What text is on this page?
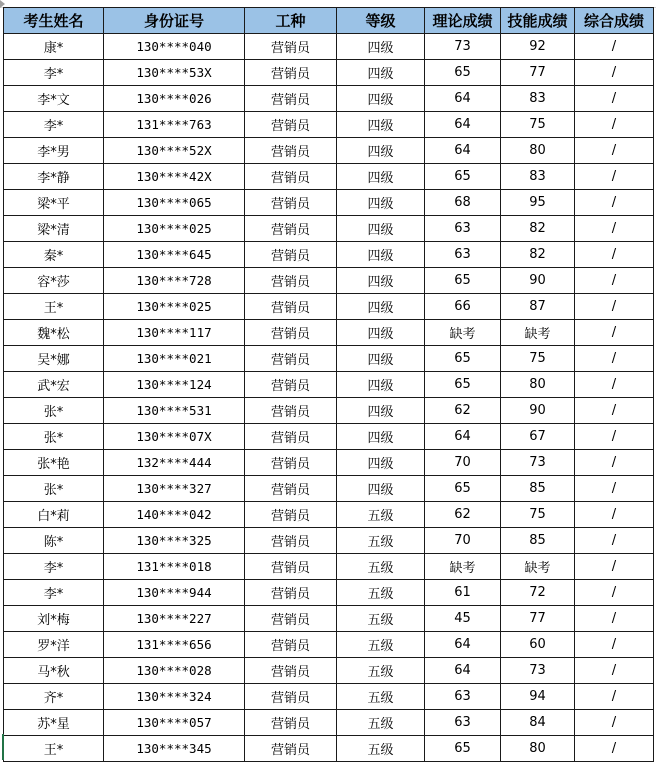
考生姓名	身份证号	工种	等级	理论成绩	技能成绩	综合成绩
康*	130****040	营销员	四级	73	92	/
李*	130****53X	营销员	四级	65	77	/
李*文	130****026	营销员	四级	64	83	/
李*	131****763	营销员	四级	64	75	/
李*男	130****52X	营销员	四级	64	80	/
李*静	130****42X	营销员	四级	65	83	/
梁*平	130****065	营销员	四级	68	95	/
梁*清	130****025	营销员	四级	63	82	/
秦*	130****645	营销员	四级	63	82	/
容*莎	130****728	营销员	四级	65	90	/
王*	130****025	营销员	四级	66	87	/
魏*松	130****117	营销员	四级	缺考	缺考	/
吴*娜	130****021	营销员	四级	65	75	/
武*宏	130****124	营销员	四级	65	80	/
张*	130****531	营销员	四级	62	90	/
张*	130****07X	营销员	四级	64	67	/
张*艳	132****444	营销员	四级	70	73	/
张*	130****327	营销员	四级	65	85	/
白*莉	140****042	营销员	五级	62	75	/
陈*	130****325	营销员	五级	70	85	/
李*	131****018	营销员	五级	缺考	缺考	/
李*	130****944	营销员	五级	61	72	/
刘*梅	130****227	营销员	五级	45	77	/
罗*洋	131****656	营销员	五级	64	60	/
马*秋	130****028	营销员	五级	64	73	/
齐*	130****324	营销员	五级	63	94	/
苏*星	130****057	营销员	五级	63	84	/
王*	130****345	营销员	五级	65	80	/
